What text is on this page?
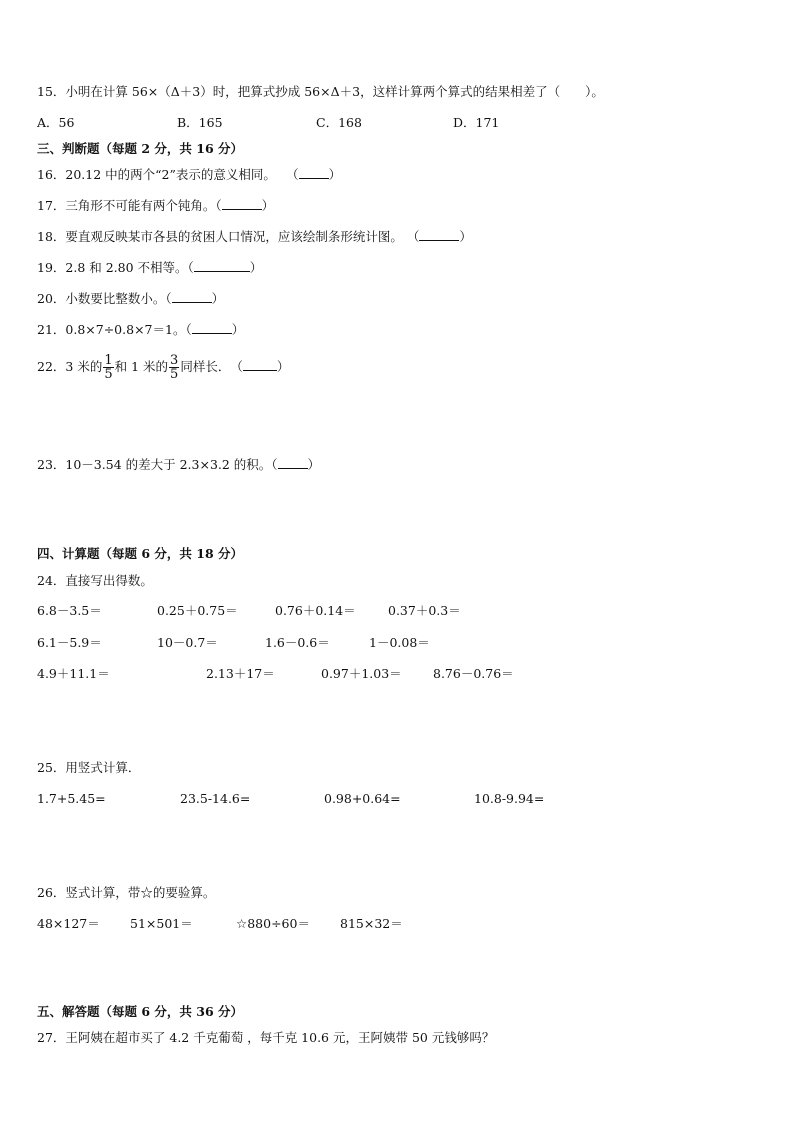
15．小明在计算 56×（Δ＋3）时，把算式抄成 56×Δ＋3，这样计算两个算式的结果相差了（　　）。
A．56	B．165	C．168	D．171
三、判断题（每题 2 分，共 16 分）
16．20.12 中的两个“2”表示的意义相同。　 （ ）
17．三角形不可能有两个钝角。（	）
18．要直观反映某市各县的贫困人口情况，应该绘制条形统计图。 （	）
19．2.8 和 2.80 不相等。（	）
20．小数要比整数小。（	）
21．0.8×7÷0.8×7＝1。（	）
22．3 米的 $\frac{1}{5}$ 和 1 米的 $\frac{3}{5}$ 同样长．　（	）
23．10－3.54 的差大于 2.3×3.2 的积。（ ）
四、计算题（每题 6 分，共 18 分）
24．直接写出得数。
6.8－3.5＝	0.25＋0.75＝	0.76＋0.14＝	0.37＋0.3＝
6.1－5.9＝	10－0.7＝	1.6－0.6＝	1－0.08＝
4.9＋11.1＝	2.13＋17＝	0.97＋1.03＝	8.76－0.76＝
25．用竖式计算．
1.7+5.45=	23.5-14.6=	0.98+0.64=	10.8-9.94=
26．竖式计算，带☆的要验算。
48×127＝ 51×501＝	☆880÷60＝ 815×32＝
五、解答题（每题 6 分，共 36 分）
27．王阿姨在超市买了 4.2 千克葡萄 ，每千克 10.6 元，王阿姨带 50 元钱够吗？
